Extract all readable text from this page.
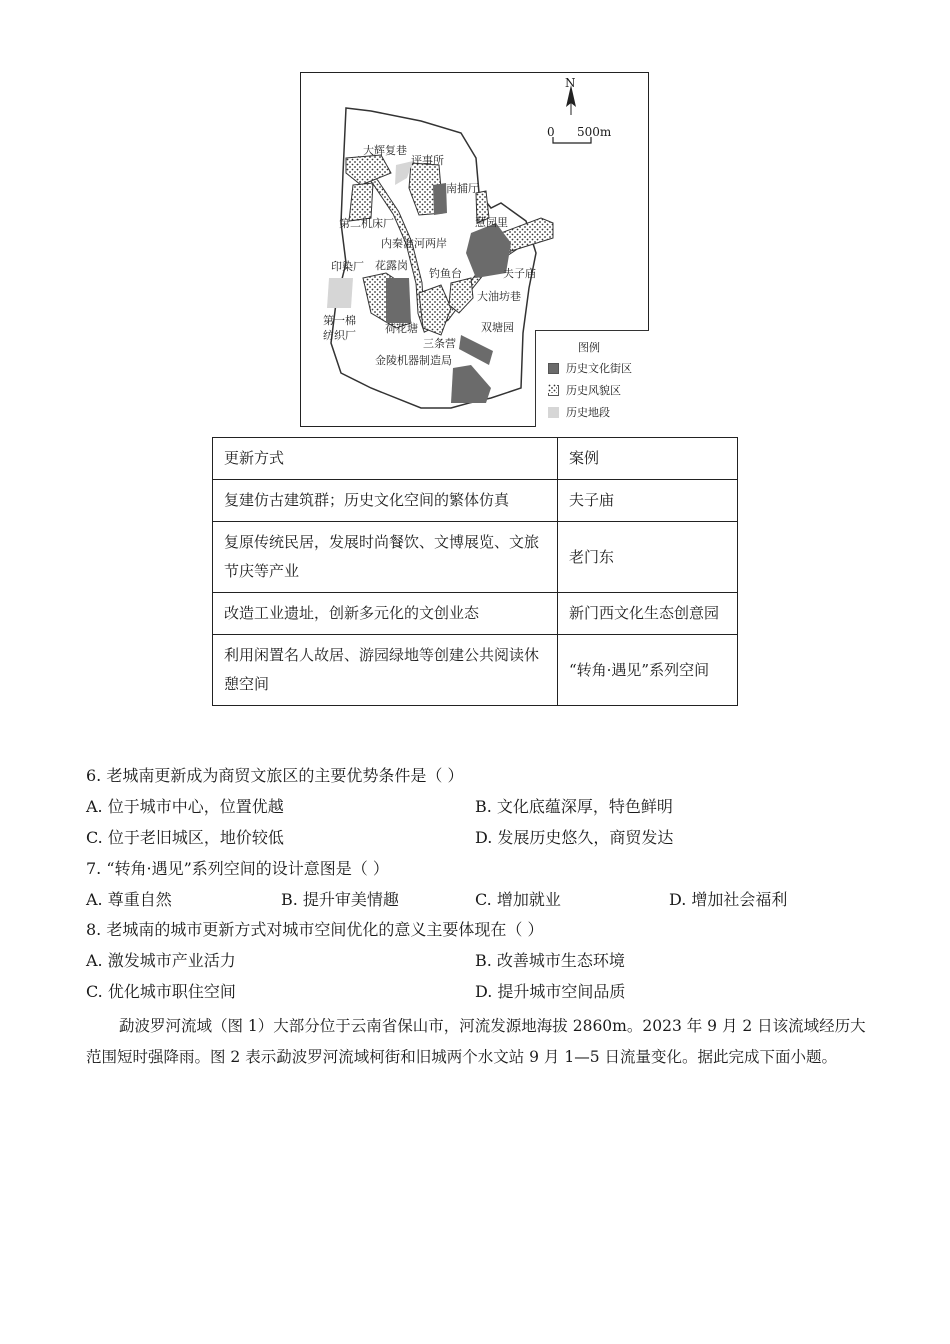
N
0 500m
大辉复巷
评事所
南捕厅
第二机床厂	慧园里
内秦淮河两岸
印染厂 花露岗
钓鱼台	夫子庙
大油坊巷
第一棉
纺织厂
荷花塘	双塘园
三条营
金陵机器制造局
图例
历史文化街区
历史风貌区
历史地段
更新方式	案例
复建仿古建筑群；历史文化空间的繁体仿真	夫子庙
复原传统民居，发展时尚餐饮、文博展览、文旅节庆等产业	老门东
改造工业遗址，创新多元化的文创业态	新门西文化生态创意园
利用闲置名人故居、游园绿地等创建公共阅读休憩空间	“转角·遇见”系列空间
6. 老城南更新成为商贸文旅区的主要优势条件是（ ）
A. 位于城市中心，位置优越	B. 文化底蕴深厚，特色鲜明
C. 位于老旧城区，地价较低	D. 发展历史悠久，商贸发达
7. “转角·遇见”系列空间的设计意图是（ ）
A. 尊重自然	B. 提升审美情趣	C. 增加就业	D. 增加社会福利
8. 老城南的城市更新方式对城市空间优化的意义主要体现在（ ）
A. 激发城市产业活力	B. 改善城市生态环境
C. 优化城市职住空间	D. 提升城市空间品质
勐波罗河流域（图 1）大部分位于云南省保山市，河流发源地海拔 2860m。2023 年 9 月 2 日该流域经历大范围短时强降雨。图 2 表示勐波罗河流域柯街和旧城两个水文站 9 月 1—5 日流量变化。据此完成下面小题。
